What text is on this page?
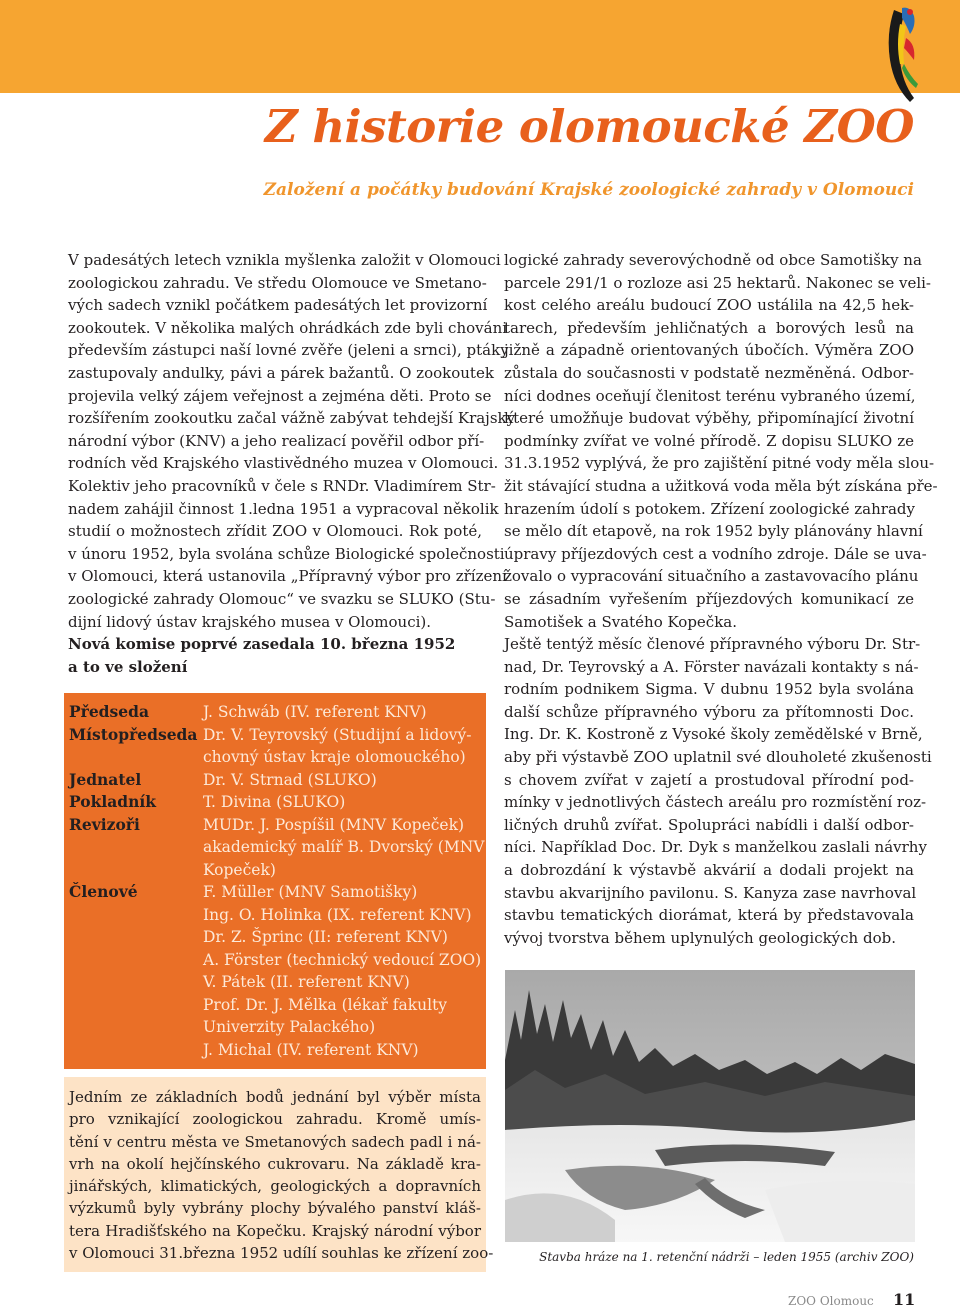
Z historie olomoucké ZOO
Založení a počátky budování Krajské zoologické zahrady v Olomouci
V padesátých letech vznikla myšlenka založit v Olomouci
zoologickou zahradu. Ve středu Olomouce ve Smetano-
vých sadech vznikl počátkem padesátých let provizorní
zookoutek. V několika malých ohrádkách zde byli chováni
především zástupci naší lovné zvěře (jeleni a srnci), ptáky
zastupovaly andulky, pávi a párek bažantů. O zookoutek
projevila velký zájem veřejnost a zejména děti. Proto se
rozšířením zookoutku začal vážně zabývat tehdejší Krajský
národní výbor (KNV) a jeho realizací pověřil odbor pří-
rodních věd Krajského vlastivědného muzea v Olomouci.
Kolektiv jeho pracovníků v čele s RNDr. Vladimírem Str-
nadem zahájil činnost 1.ledna 1951 a vypracoval několik
studií o možnostech zřídit ZOO v Olomouci. Rok poté,
v únoru 1952, byla svolána schůze Biologické společnosti
v Olomouci, která ustanovila „Přípravný výbor pro zřízení
zoologické zahrady Olomouc“ ve svazku se SLUKO (Stu-
dijní lidový ústav krajského musea v Olomouci).
Nová komise poprvé zasedala 10. března 1952
a to ve složení
Předseda	J. Schwáb (IV. referent KNV)
Místopředseda Dr. V. Teyrovský (Studijní a lidový-
chovný ústav kraje olomouckého)
Jednatel	Dr. V. Strnad (SLUKO)
Pokladník	T. Divina (SLUKO)
Revizoři	MUDr. J. Pospíšil (MNV Kopeček)
akademický malíř B. Dvorský (MNV
Kopeček)
Členové	F. Müller (MNV Samotišky)
Ing. O. Holinka (IX. referent KNV)
Dr. Z. Šprinc (II: referent KNV)
A. Förster (technický vedoucí ZOO)
V. Pátek (II. referent KNV)
Prof. Dr. J. Mělka (lékař fakulty
Univerzity Palackého)
J. Michal (IV. referent KNV)
Jedním ze základních bodů jednání byl výběr místa
pro vznikající zoologickou zahradu. Kromě umís-
tění v centru města ve Smetanových sadech padl i ná-
vrh na okolí hejčínského cukrovaru. Na základě kra-
jinářských, klimatických, geologických a dopravních
výzkumů byly vybrány plochy bývalého panství kláš-
tera Hradišťského na Kopečku. Krajský národní výbor
v Olomouci 31.března 1952 udílí souhlas ke zřízení zoo-
logické zahrady severovýchodně od obce Samotišky na
parcele 291/1 o rozloze asi 25 hektarů. Nakonec se veli-
kost celého areálu budoucí ZOO ustálila na 42,5 hek-
tarech, především jehličnatých a borových lesů na
jižně a západně orientovaných úbočích. Výměra ZOO
zůstala do současnosti v podstatě nezměněná. Odbor-
níci dodnes oceňují členitost terénu vybraného území,
které umožňuje budovat výběhy, připomínající životní
podmínky zvířat ve volné přírodě. Z dopisu SLUKO ze
31.3.1952 vyplývá, že pro zajištění pitné vody měla slou-
žit stávající studna a užitková voda měla být získána pře-
hrazením údolí s potokem. Zřízení zoologické zahrady
se mělo dít etapově, na rok 1952 byly plánovány hlavní
úpravy příjezdových cest a vodního zdroje. Dále se uva-
žovalo o vypracování situačního a zastavovacího plánu
se zásadním vyřešením příjezdových komunikací ze
Samotišek a Svatého Kopečka.
Ještě tentýž měsíc členové přípravného výboru Dr. Str-
nad, Dr. Teyrovský a A. Förster navázali kontakty s ná-
rodním podnikem Sigma. V dubnu 1952 byla svolána
další schůze přípravného výboru za přítomnosti Doc.
Ing. Dr. K. Kostroně z Vysoké školy zemědělské v Brně,
aby při výstavbě ZOO uplatnil své dlouholeté zkušenosti
s chovem zvířat v zajetí a prostudoval přírodní pod-
mínky v jednotlivých částech areálu pro rozmístění roz-
ličných druhů zvířat. Spolupráci nabídli i další odbor-
níci. Například Doc. Dr. Dyk s manželkou zaslali návrhy
a dobrozdání k výstavbě akvárií a dodali projekt na
stavbu akvarijního pavilonu. S. Kanyza zase navrhoval
stavbu tematických diorámat, která by představovala
vývoj tvorstva během uplynulých geologických dob.
Stavba hráze na 1. retenční nádrži – leden 1955 (archiv ZOO)
ZOO Olomouc 11
